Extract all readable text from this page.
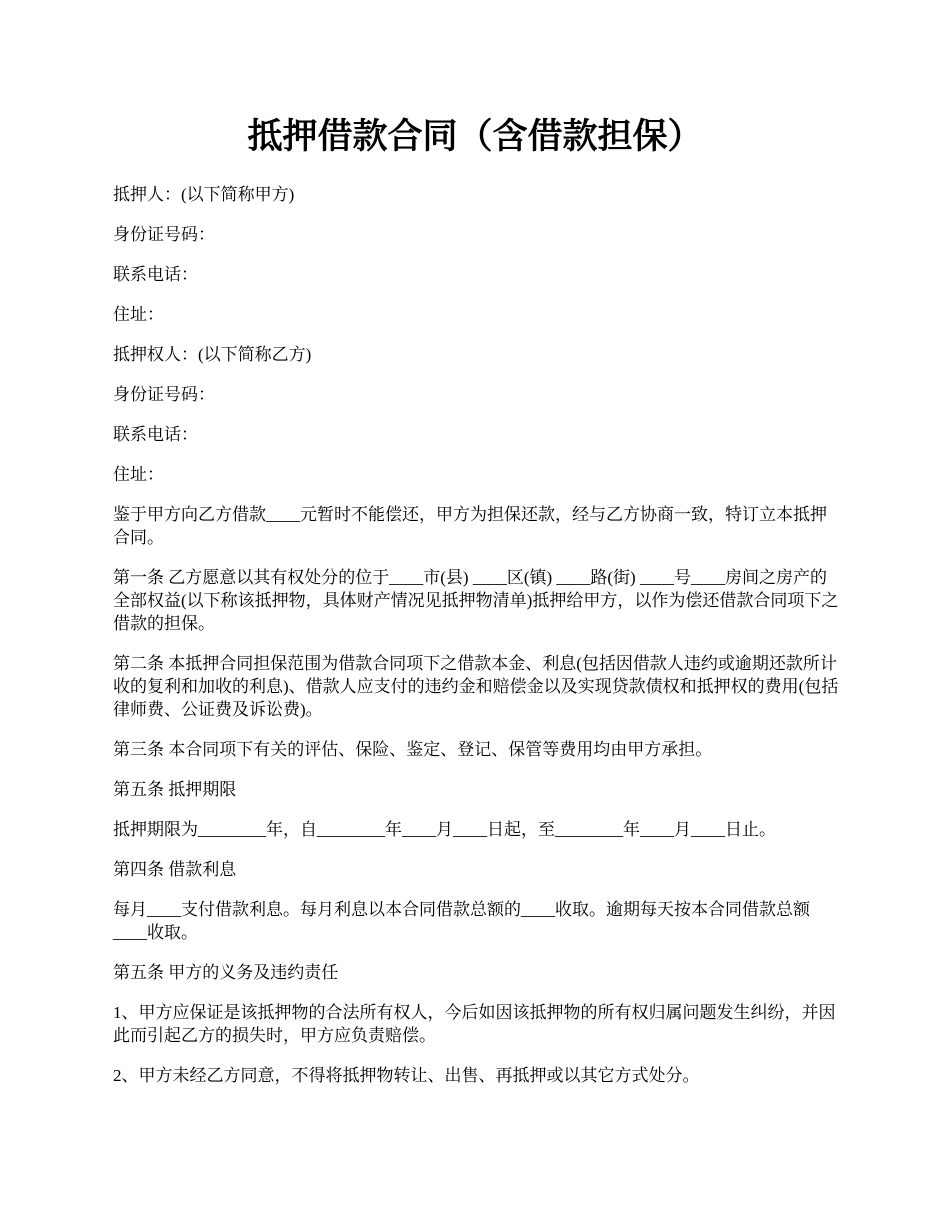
抵押借款合同（含借款担保）

抵押人：(以下简称甲方)

身份证号码：

联系电话：

住址：

抵押权人：(以下简称乙方)

身份证号码：

联系电话：

住址：

鉴于甲方向乙方借款____元暂时不能偿还，甲方为担保还款，经与乙方协商一致，特订立本抵押合同。

第一条 乙方愿意以其有权处分的位于____市(县) ____区(镇) ____路(街) ____号____房间之房产的全部权益(以下称该抵押物，具体财产情况见抵押物清单)抵押给甲方，以作为偿还借款合同项下之借款的担保。

第二条 本抵押合同担保范围为借款合同项下之借款本金、利息(包括因借款人违约或逾期还款所计收的复利和加收的利息)、借款人应支付的违约金和赔偿金以及实现贷款债权和抵押权的费用(包括律师费、公证费及诉讼费)。

第三条 本合同项下有关的评估、保险、鉴定、登记、保管等费用均由甲方承担。

第五条 抵押期限

抵押期限为________年，自________年____月____日起，至________年____月____日止。

第四条 借款利息

每月____支付借款利息。每月利息以本合同借款总额的____收取。逾期每天按本合同借款总额____收取。

第五条 甲方的义务及违约责任

1、甲方应保证是该抵押物的合法所有权人，今后如因该抵押物的所有权归属问题发生纠纷，并因此而引起乙方的损失时，甲方应负责赔偿。

2、甲方未经乙方同意，不得将抵押物转让、出售、再抵押或以其它方式处分。
